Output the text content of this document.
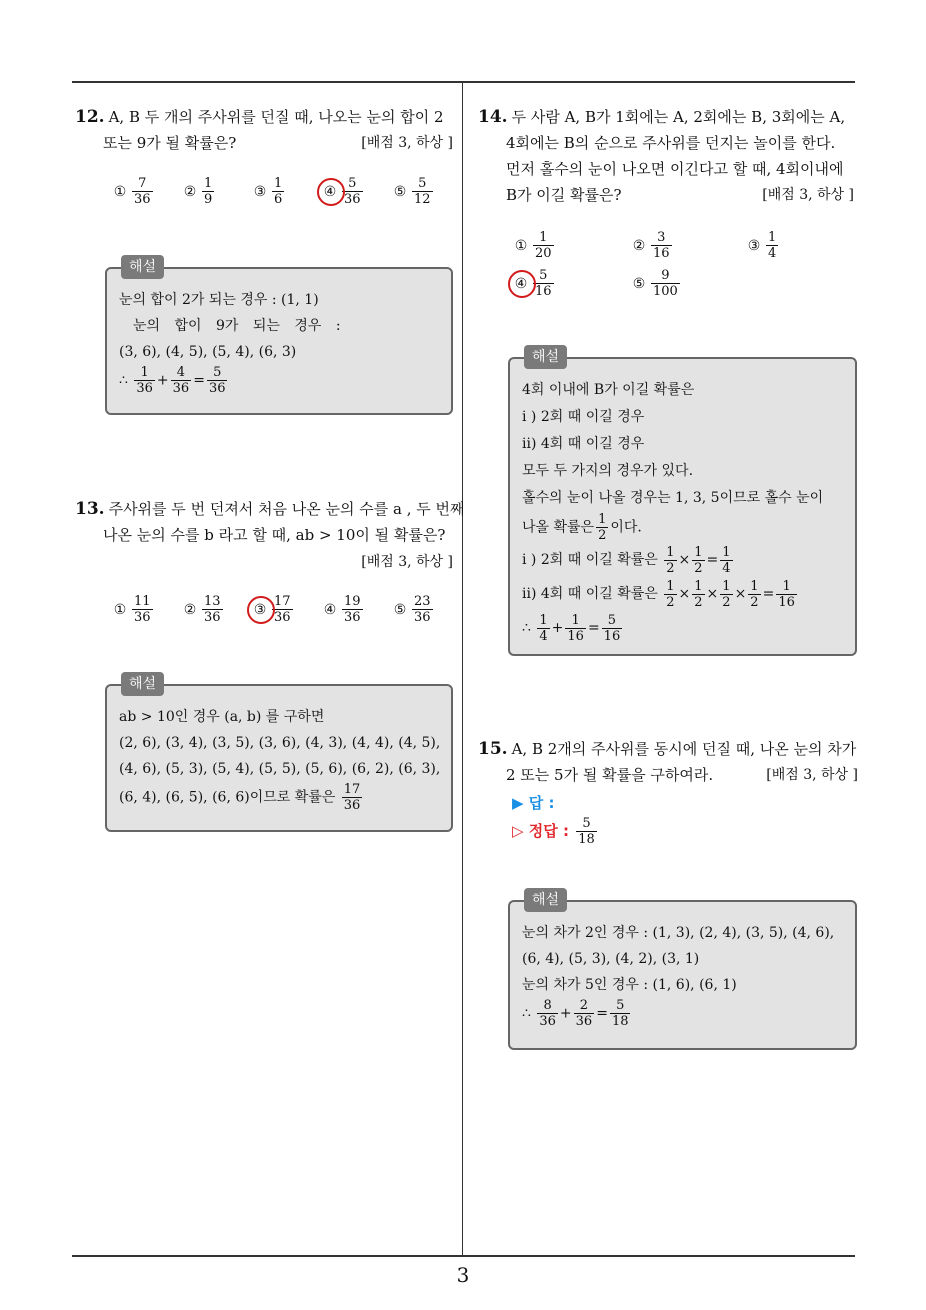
12. A, B 두 개의 주사위를 던질 때, 나오는 눈의 합이 2
또는 9가 될 확률은?	[배점 3, 하상 ]
① $\frac{7}{36}$ ② $\frac{1}{9}$	③ $\frac{1}{6}$	④ $\frac{5}{36}$ ⑤ $\frac{5}{12}$
해설
눈의 합이 2가 되는 경우 : (1, 1)
눈의 합이 9가 되는 경우 :
(3, 6), (4, 5), (5, 4), (6, 3)
∴ $\frac{1}{36} + \frac{4}{36} = \frac{5}{36}$
13. 주사위를 두 번 던져서 처음 나온 눈의 수를 a , 두 번째
나온 눈의 수를 b 라고 할 때, ab > 10이 될 확률은?
[배점 3, 하상 ]
① $\frac{11}{36}$ ② $\frac{13}{36}$ ③ $\frac{17}{36}$ ④ $\frac{19}{36}$ ⑤ $\frac{23}{36}$
해설
ab > 10인 경우 (a, b) 를 구하면
(2, 6), (3, 4), (3, 5), (3, 6), (4, 3), (4, 4), (4, 5),
(4, 6), (5, 3), (5, 4), (5, 5), (5, 6), (6, 2), (6, 3),
(6, 4), (6, 5), (6, 6)이므로 확률은 $\frac{17}{36}$
14. 두 사람 A, B가 1회에는 A, 2회에는 B, 3회에는 A,
4회에는 B의 순으로 주사위를 던지는 놀이를 한다.
먼저 홀수의 눈이 나오면 이긴다고 할 때, 4회이내에
B가 이길 확률은?	[배점 3, 하상 ]
① $\frac{1}{20}$	② $\frac{3}{16}$	③ $\frac{1}{4}$
④ $\frac{5}{16}$	⑤ $\frac{9}{100}$
해설
4회 이내에 B가 이길 확률은
i ) 2회 때 이길 경우
ii) 4회 때 이길 경우
모두 두 가지의 경우가 있다.
홀수의 눈이 나올 경우는 1, 3, 5이므로 홀수 눈이
나올 확률은 $\frac{1}{2}$ 이다.
i ) 2회 때 이길 확률은 $\frac{1}{2} \times \frac{1}{2} = \frac{1}{4}$
ii) 4회 때 이길 확률은 $\frac{1}{2} \times \frac{1}{2} \times \frac{1}{2} \times \frac{1}{2} = \frac{1}{16}$
∴ $\frac{1}{4} + \frac{1}{16} = \frac{5}{16}$
15. A, B 2개의 주사위를 동시에 던질 때, 나온 눈의 차가
2 또는 5가 될 확률을 구하여라.	[배점 3, 하상 ]
▶ 답 :
▷ 정답 : $\frac{5}{18}$
해설
눈의 차가 2인 경우 : (1, 3), (2, 4), (3, 5), (4, 6),
(6, 4), (5, 3), (4, 2), (3, 1)
눈의 차가 5인 경우 : (1, 6), (6, 1)
∴ $\frac{8}{36} + \frac{2}{36} = \frac{5}{18}$
3
